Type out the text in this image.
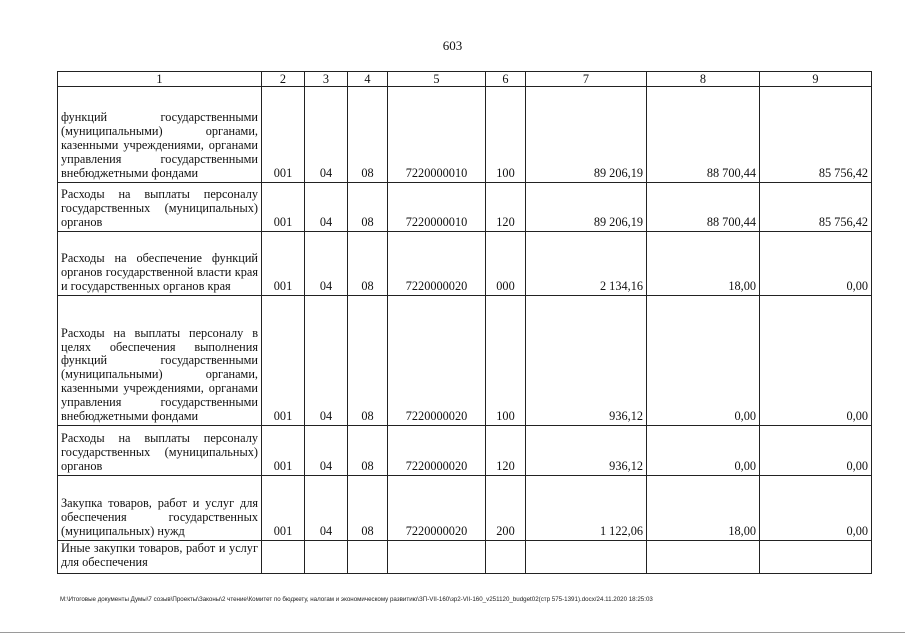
603
1	2	3	4	5	6	7	8	9
функций государственными (муниципальными) органами, казенными учреждениями, органами управления государственными внебюджетными фондами	001	04	08	7220000010	100	89 206,19	88 700,44	85 756,42
Расходы на выплаты персоналу государственных (муниципальных) органов	001	04	08	7220000010	120	89 206,19	88 700,44	85 756,42
Расходы на обеспечение функций органов государственной власти края и государственных органов края	001	04	08	7220000020	000	2 134,16	18,00	0,00
Расходы на выплаты персоналу в целях обеспечения выполнения функций государственными (муниципальными) органами, казенными учреждениями, органами управления государственными внебюджетными фондами	001	04	08	7220000020	100	936,12	0,00	0,00
Расходы на выплаты персоналу государственных (муниципальных) органов	001	04	08	7220000020	120	936,12	0,00	0,00
Закупка товаров, работ и услуг для обеспечения государственных (муниципальных) нужд	001	04	08	7220000020	200	1 122,06	18,00	0,00
Иные закупки товаров, работ и услуг для обеспечения								
M:\Итоговые документы Думы\7 созыв\Проекты\Законы\2 чтение\Комитет по бюджету, налогам и экономическому развитию\ЗП-VII-160\зр2-VII-160_v251120_budget02(стр 575-1391).docx/24.11.2020 18:25:03
